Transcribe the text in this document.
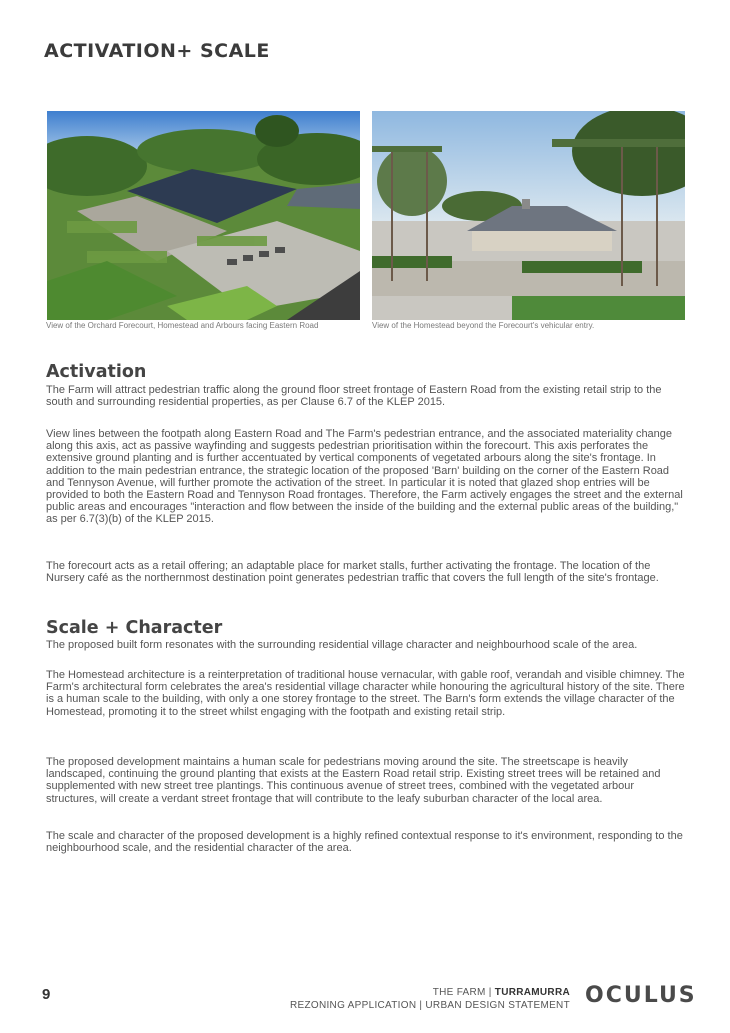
ACTIVATION+ SCALE
View of the Orchard Forecourt, Homestead and Arbours facing Eastern Road	View of the Homestead beyond the Forecourt's vehicular entry.
Activation

The Farm will attract pedestrian traffic along the ground floor street frontage of Eastern Road from the existing retail strip to the south and surrounding residential properties, as per Clause 6.7 of the KLEP 2015.

View lines between the footpath along Eastern Road and The Farm's pedestrian entrance, and the associated materiality change along this axis, act as passive wayfinding and suggests pedestrian prioritisation within the forecourt. This axis perforates the extensive ground planting and is further accentuated by vertical components of vegetated arbours along the site's frontage. In addition to the main pedestrian entrance, the strategic location of the proposed 'Barn' building on the corner of the Eastern Road and Tennyson Avenue, will further promote the activation of the street. In particular it is noted that glazed shop entries will be provided to both the Eastern Road and Tennyson Road frontages. Therefore, the Farm actively engages the street and the external public areas and encourages "interaction and flow between the inside of the building and the external public areas of the building," as per 6.7(3)(b) of the KLEP 2015.

The forecourt acts as a retail offering; an adaptable place for market stalls, further activating the frontage. The location of the Nursery café as the northernmost destination point generates pedestrian traffic that covers the full length of the site's frontage.

Scale + Character

The proposed built form resonates with the surrounding residential village character and neighbourhood scale of the area.

The Homestead architecture is a reinterpretation of traditional house vernacular, with gable roof, verandah and visible chimney. The Farm's architectural form celebrates the area's residential village character while honouring the agricultural history of the site. There is a human scale to the building, with only a one storey frontage to the street. The Barn's form extends the village character of the Homestead, promoting it to the street whilst engaging with the footpath and existing retail strip.

The proposed development maintains a human scale for pedestrians moving around the site. The streetscape is heavily landscaped, continuing the ground planting that exists at the Eastern Road retail strip. Existing street trees will be retained and supplemented with new street tree plantings. This continuous avenue of street trees, combined with the vegetated arbour structures, will create a verdant street frontage that will contribute to the leafy suburban character of the local area.

The scale and character of the proposed development is a highly refined contextual response to it's environment, responding to the neighbourhood scale, and the residential character of the area.

9	THE FARM | TURRAMURRA
REZONING APPLICATION | URBAN DESIGN STATEMENT OCULUS
